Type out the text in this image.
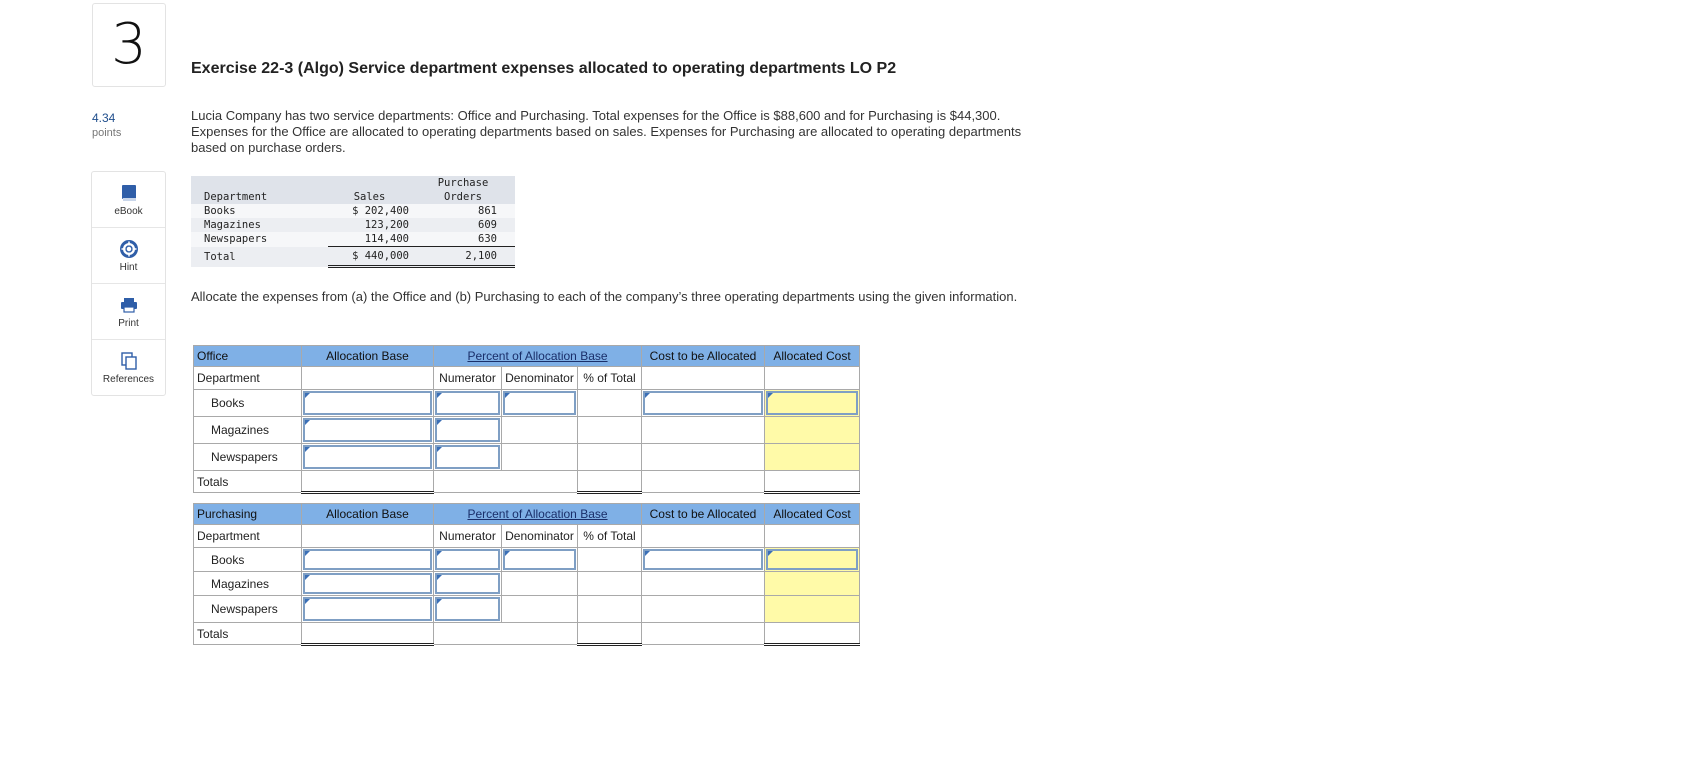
3
4.34
points
eBook
Hint
Print
References
Exercise 22-3 (Algo) Service department expenses allocated to operating departments LO P2
Lucia Company has two service departments: Office and Purchasing. Total expenses for the Office is $88,600 and for Purchasing is $44,300. Expenses for the Office are allocated to operating departments based on sales. Expenses for Purchasing are allocated to operating departments based on purchase orders.
		Purchase
Department	Sales	Orders
Books	$ 202,400	861
Magazines	123,200	609
Newspapers	114,400	630
Total	$ 440,000	2,100
Allocate the expenses from (a) the Office and (b) Purchasing to each of the company’s three operating departments using the given information.
Office	Allocation Base	Percent of Allocation Base			Cost to be Allocated	Allocated Cost
Department		Numerator	Denominator	% of Total		
Books	

Magazines	

Newspapers	

Totals						
Purchasing	Allocation Base	Percent of Allocation Base			Cost to be Allocated	Allocated Cost
Department		Numerator	Denominator	% of Total		
Books	

Magazines	

Newspapers	

Totals						
